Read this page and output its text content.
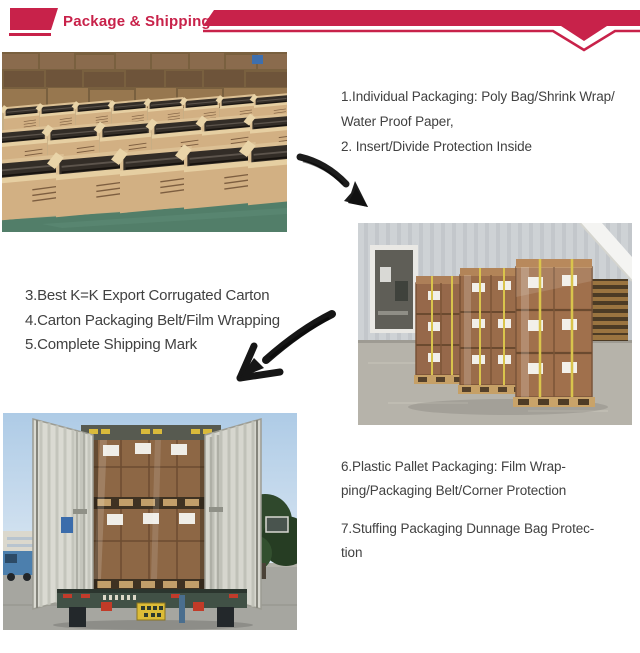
Package & Shipping
1.Individual Packaging: Poly Bag/Shrink Wrap/
Water Proof Paper,
2. Insert/Divide Protection Inside
3.Best K=K Export Corrugated Carton
4.Carton Packaging Belt/Film Wrapping
5.Complete Shipping Mark
6.Plastic Pallet Packaging: Film Wrap-
ping/Packaging Belt/Corner Protection
7.Stuffing Packaging Dunnage Bag Protec-
tion
